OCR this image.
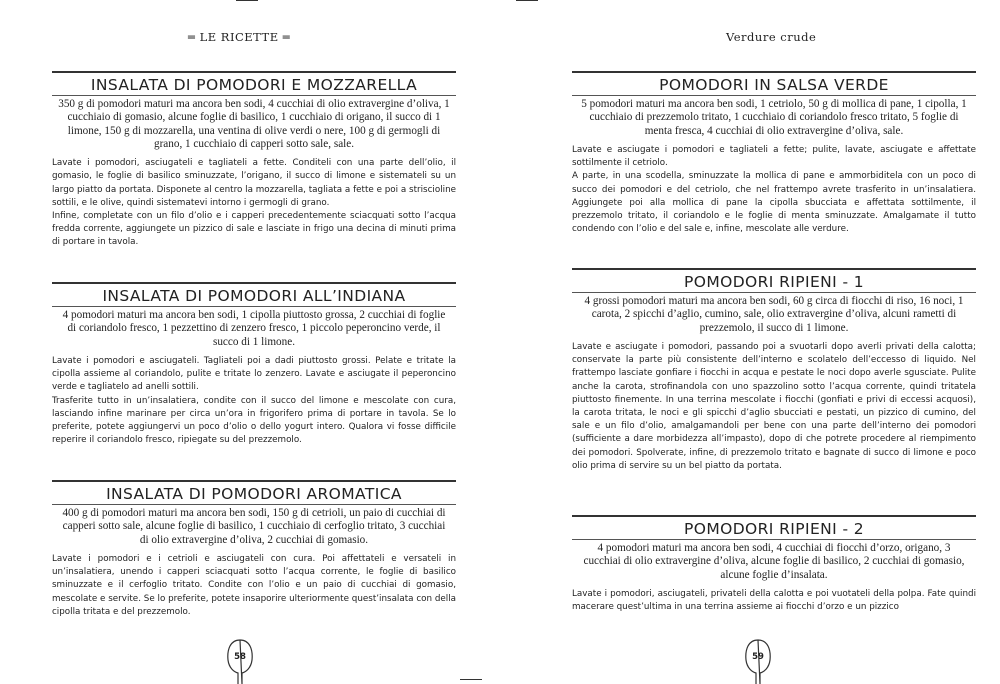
═ LE RICETTE ═
INSALATA DI POMODORI E MOZZARELLA
350 g di pomodori maturi ma ancora ben sodi, 4 cucchiai di olio extravergine d’oliva, 1 cucchiaio di gomasio, alcune foglie di basilico, 1 cucchiaio di origano, il succo di 1 limone, 150 g di mozzarella, una ventina di olive verdi o nere, 100 g di germogli di grano, 1 cucchiaio di capperi sotto sale, sale.

Lavate i pomodori, asciugateli e tagliateli a fette. Conditeli con una parte dell’olio, il gomasio, le foglie di basilico sminuzzate, l’origano, il succo di limone e sistemateli su un largo piatto da portata. Disponete al centro la mozzarella, tagliata a fette e poi a striscioline sottili, e le olive, quindi sistematevi intorno i germogli di grano.

Infine, completate con un filo d’olio e i capperi precedentemente sciacquati sotto l’acqua fredda corrente, aggiungete un pizzico di sale e lasciate in frigo una decina di minuti prima di portare in tavola.

INSALATA DI POMODORI ALL’INDIANA
4 pomodori maturi ma ancora ben sodi, 1 cipolla piuttosto grossa, 2 cucchiai di foglie di coriandolo fresco, 1 pezzettino di zenzero fresco, 1 piccolo peperoncino verde, il succo di 1 limone.

Lavate i pomodori e asciugateli. Tagliateli poi a dadi piuttosto grossi. Pelate e tritate la cipolla assieme al coriandolo, pulite e tritate lo zenzero. Lavate e asciugate il peperoncino verde e tagliatelo ad anelli sottili.

Trasferite tutto in un’insalatiera, condite con il succo del limone e mescolate con cura, lasciando infine marinare per circa un’ora in frigorifero prima di portare in tavola. Se lo preferite, potete aggiungervi un poco d’olio o dello yogurt intero. Qualora vi fosse difficile reperire il coriandolo fresco, ripiegate su del prezzemolo.

INSALATA DI POMODORI AROMATICA
400 g di pomodori maturi ma ancora ben sodi, 150 g di cetrioli, un paio di cucchiai di capperi sotto sale, alcune foglie di basilico, 1 cucchiaio di cerfoglio tritato, 3 cucchiai di olio extravergine d’oliva, 2 cucchiai di gomasio.

Lavate i pomodori e i cetrioli e asciugateli con cura. Poi affettateli e versateli in un’insalatiera, unendo i capperi sciacquati sotto l’acqua corrente, le foglie di basilico sminuzzate e il cerfoglio tritato. Condite con l’olio e un paio di cucchiai di gomasio, mescolate e servite. Se lo preferite, potete insaporire ulteriormente quest’insalata con della cipolla tritata e del prezzemolo.

58
Verdure crude
POMODORI IN SALSA VERDE
5 pomodori maturi ma ancora ben sodi, 1 cetriolo, 50 g di mollica di pane, 1 cipolla, 1 cucchiaio di prezzemolo tritato, 1 cucchiaio di coriandolo fresco tritato, 5 foglie di menta fresca, 4 cucchiai di olio extravergine d’oliva, sale.

Lavate e asciugate i pomodori e tagliateli a fette; pulite, lavate, asciugate e affettate sottilmente il cetriolo.

A parte, in una scodella, sminuzzate la mollica di pane e ammorbiditela con un poco di succo dei pomodori e del cetriolo, che nel frattempo avrete trasferito in un’insalatiera. Aggiungete poi alla mollica di pane la cipolla sbucciata e affettata sottilmente, il prezzemolo tritato, il coriandolo e le foglie di menta sminuzzate. Amalgamate il tutto condendo con l’olio e del sale e, infine, mescolate alle verdure.

POMODORI RIPIENI - 1
4 grossi pomodori maturi ma ancora ben sodi, 60 g circa di fiocchi di riso, 16 noci, 1 carota, 2 spicchi d’aglio, cumino, sale, olio extravergine d’oliva, alcuni rametti di prezzemolo, il succo di 1 limone.

Lavate e asciugate i pomodori, passando poi a svuotarli dopo averli privati della calotta; conservate la parte più consistente dell’interno e scolatelo dell’eccesso di liquido. Nel frattempo lasciate gonfiare i fiocchi in acqua e pestate le noci dopo averle sgusciate. Pulite anche la carota, strofinandola con uno spazzolino sotto l’acqua corrente, quindi tritatela piuttosto finemente. In una terrina mescolate i fiocchi (gonfiati e privi di eccessi acquosi), la carota tritata, le noci e gli spicchi d’aglio sbucciati e pestati, un pizzico di cumino, del sale e un filo d’olio, amalgamandoli per bene con una parte dell’interno dei pomodori (sufficiente a dare morbidezza all’impasto), dopo di che potrete procedere al riempimento dei pomodori. Spolverate, infine, di prezzemolo tritato e bagnate di succo di limone e poco olio prima di servire su un bel piatto da portata.

POMODORI RIPIENI - 2
4 pomodori maturi ma ancora ben sodi, 4 cucchiai di fiocchi d’orzo, origano, 3 cucchiai di olio extravergine d’oliva, alcune foglie di basilico, 2 cucchiai di gomasio, alcune foglie d’insalata.

Lavate i pomodori, asciugateli, privateli della calotta e poi vuotateli della polpa. Fate quindi macerare quest’ultima in una terrina assieme ai fiocchi d’orzo e un pizzico

59
